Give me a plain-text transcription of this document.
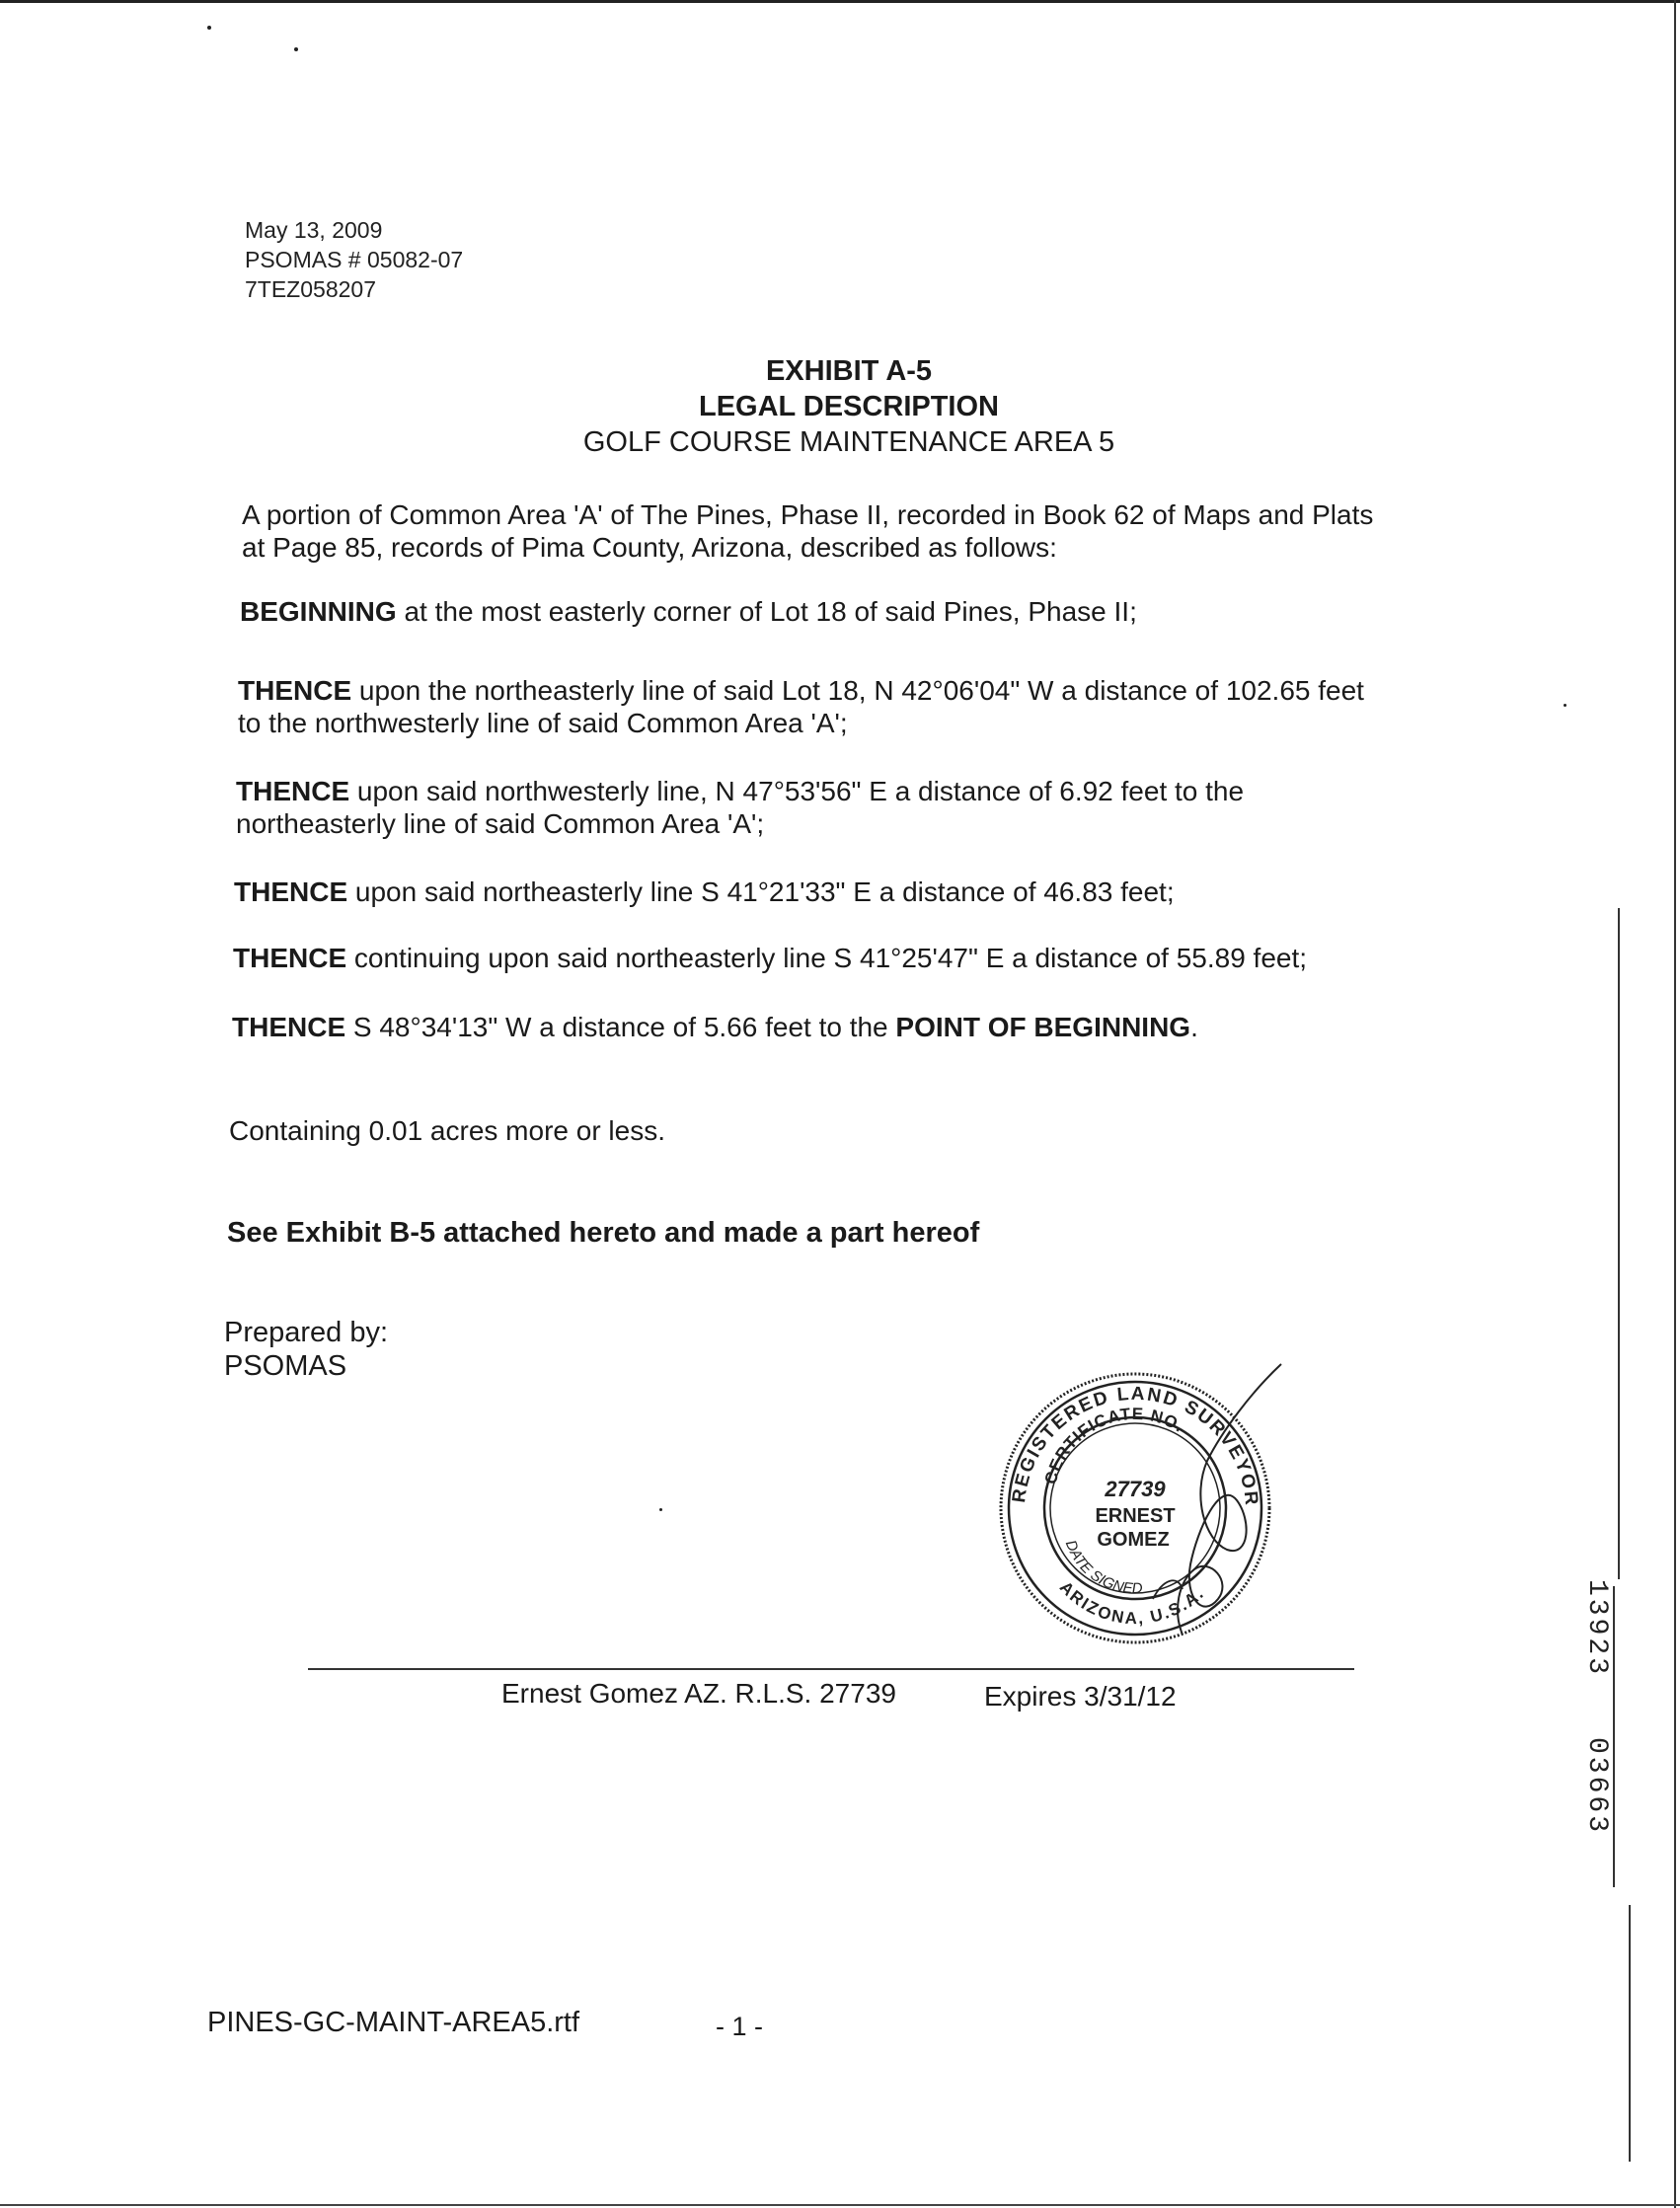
May 13, 2009
PSOMAS # 05082-07
7TEZ058207
EXHIBIT A-5
LEGAL DESCRIPTION
GOLF COURSE MAINTENANCE AREA 5
A portion of Common Area 'A' of The Pines, Phase II, recorded in Book 62 of Maps and Plats
at Page 85, records of Pima County, Arizona, described as follows:
BEGINNING at the most easterly corner of Lot 18 of said Pines, Phase II;
THENCE upon the northeasterly line of said Lot 18, N 42°06'04" W a distance of 102.65 feet
to the northwesterly line of said Common Area 'A';
THENCE upon said northwesterly line, N 47°53'56" E a distance of 6.92 feet to the
northeasterly line of said Common Area 'A';
THENCE upon said northeasterly line S 41°21'33" E a distance of 46.83 feet;
THENCE continuing upon said northeasterly line S 41°25'47" E a distance of 55.89 feet;
THENCE S 48°34'13" W a distance of 5.66 feet to the POINT OF BEGINNING.
Containing 0.01 acres more or less.
See Exhibit B-5 attached hereto and made a part hereof
Prepared by:
PSOMAS
REGISTERED LAND SURVEYOR
CERTIFICATE NO.
27739
ERNEST
GOMEZ
DATE SIGNED
ARIZONA, U.S.A.
Ernest Gomez AZ. R.L.S. 27739	Expires 3/31/12
13923
03663
PINES-GC-MAINT-AREA5.rtf	- 1 -
